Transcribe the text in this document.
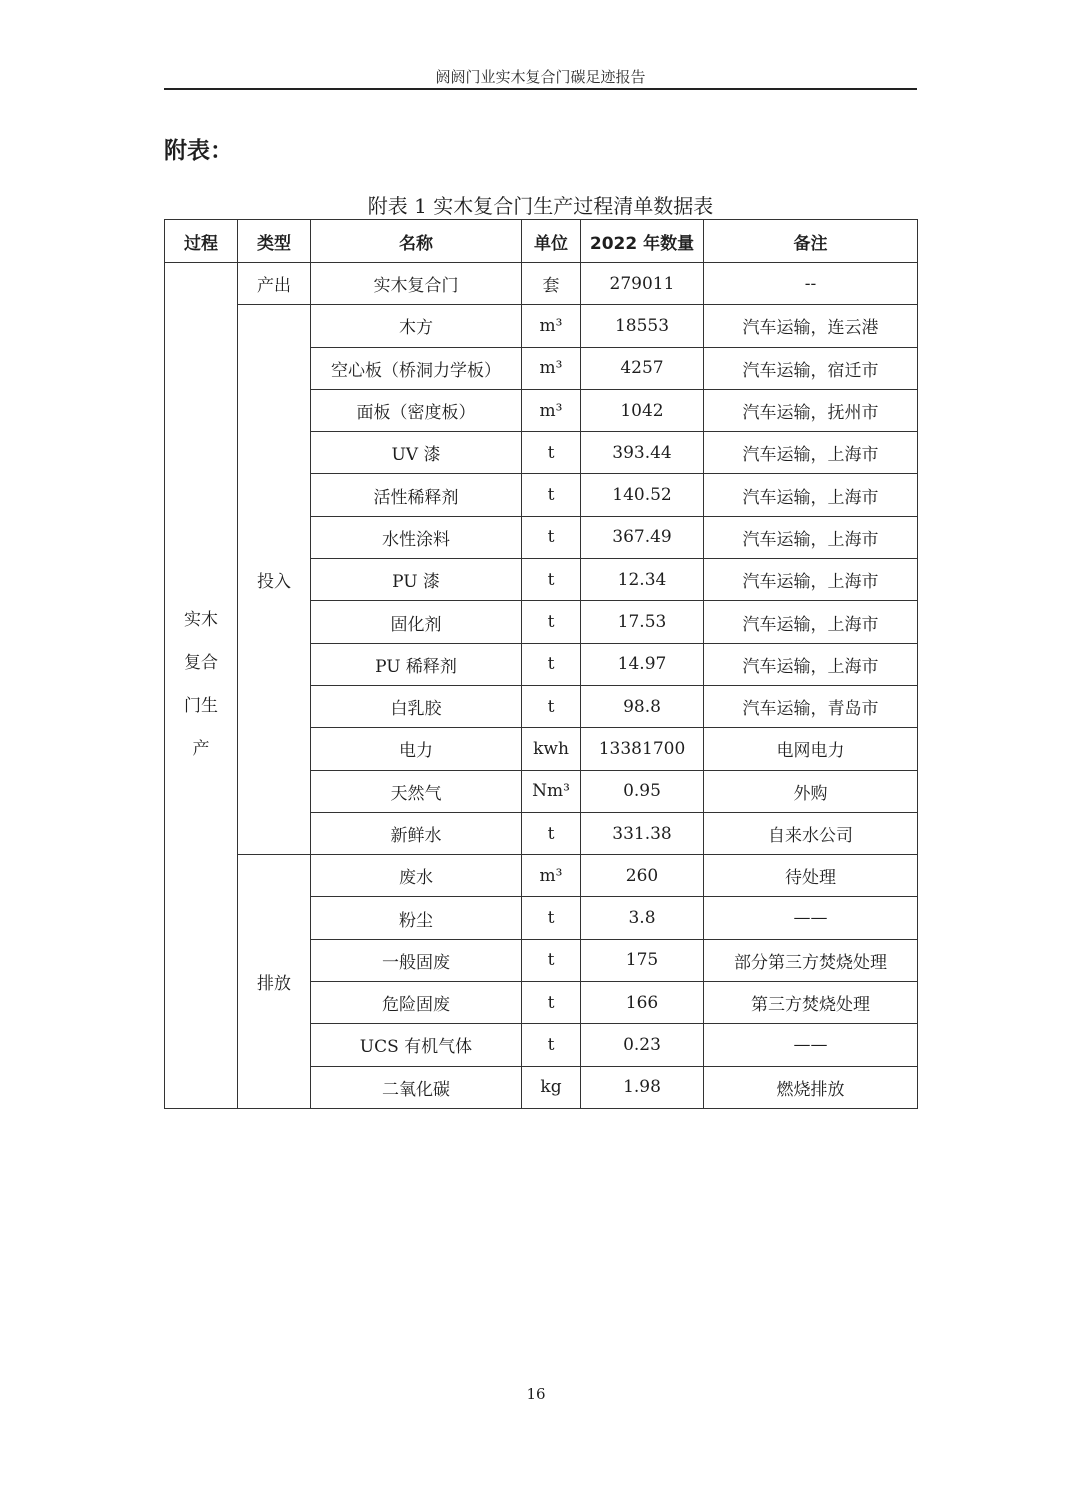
阏阏门业实木复合门碳足迹报告
附表：
附表 1 实木复合门生产过程清单数据表
过程	类型	名称	单位	2022 年数量	备注

实木
复合
门生
产	产出	实木复合门	套	279011	--
	投入	木方	m³	18553	汽车运输，连云港
		空心板（桥洞力学板）	m³	4257	汽车运输，宿迁市
		面板（密度板）	m³	1042	汽车运输，抚州市
		UV 漆	t	393.44	汽车运输，上海市
		活性稀释剂	t	140.52	汽车运输，上海市
		水性涂料	t	367.49	汽车运输，上海市
		PU 漆	t	12.34	汽车运输，上海市
		固化剂	t	17.53	汽车运输，上海市
		PU 稀释剂	t	14.97	汽车运输，上海市
		白乳胶	t	98.8	汽车运输，青岛市
		电力	kwh	13381700	电网电力
		天然气	Nm³	0.95	外购
		新鲜水	t	331.38	自来水公司
	排放	废水	m³	260	待处理
		粉尘	t	3.8	——
		一般固废	t	175	部分第三方焚烧处理
		危险固废	t	166	第三方焚烧处理
		UCS 有机气体	t	0.23	——
		二氧化碳	kg	1.98	燃烧排放
16
